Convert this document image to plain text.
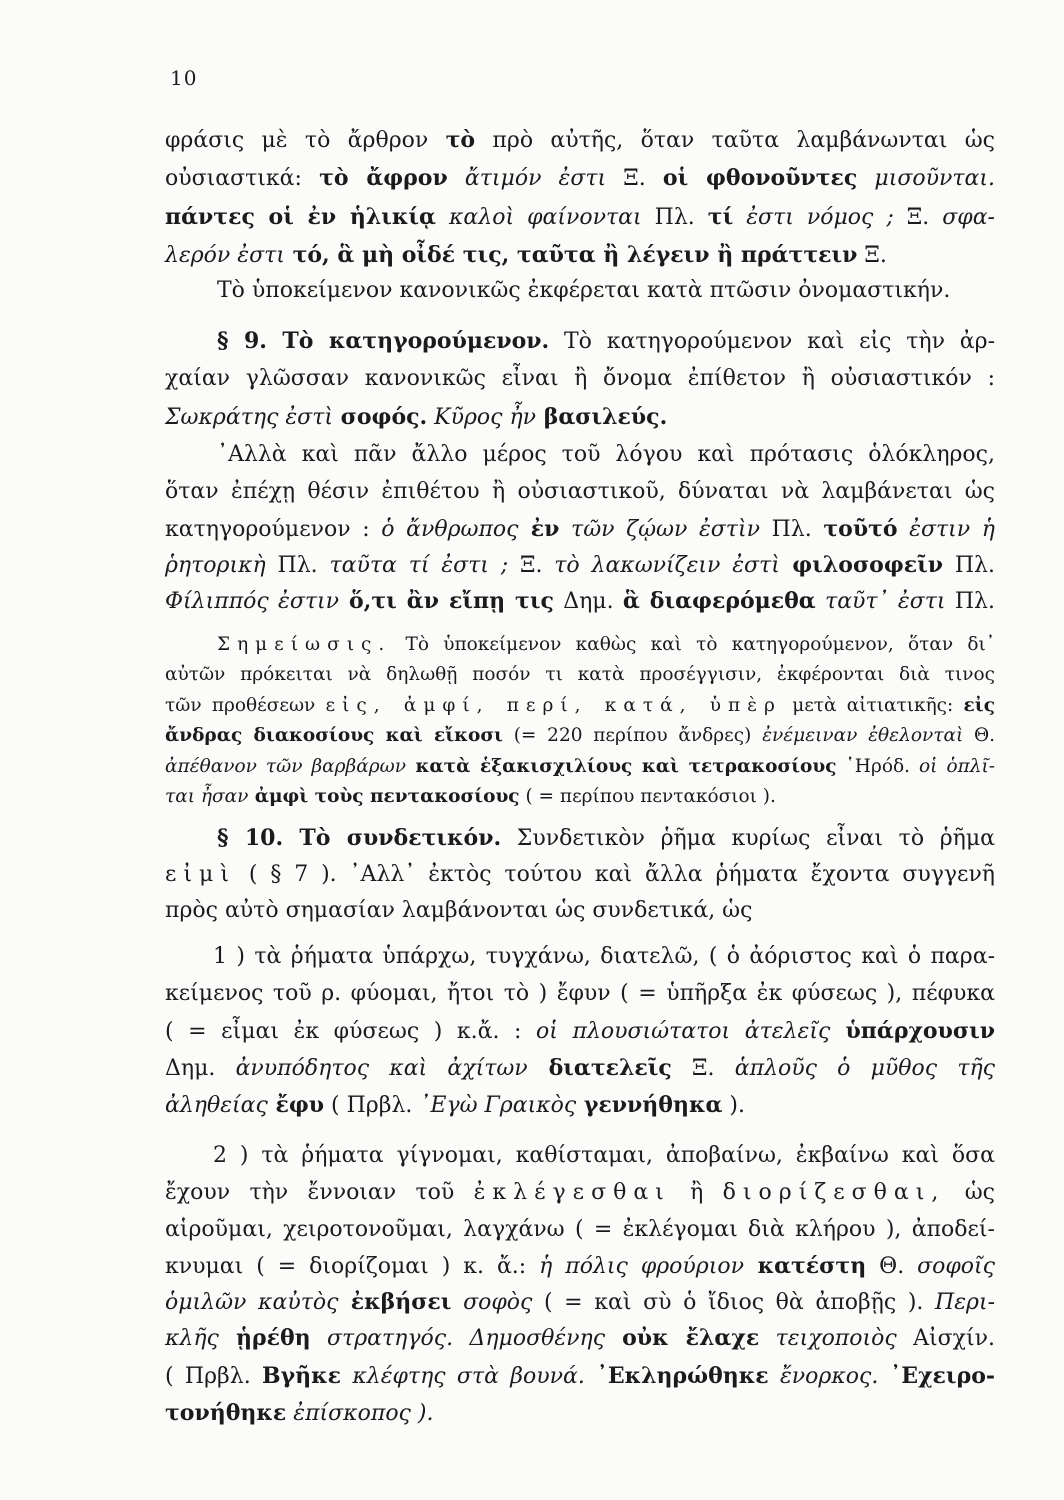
10
φράσις μὲ τὸ ἄρθρον τὸ πρὸ αὐτῆς, ὅταν ταῦτα λαμβάνωνται ὡς
οὐσιαστικά: τὸ ἄφρον ἄτιμόν ἐστι Ξ. οἱ φθονοῦντες μισοῦνται.
πάντες οἱ ἐν ἡλικίᾳ καλοὶ φαίνονται Πλ. τί ἐστι νόμος ; Ξ. σφα-
λερόν ἐστι τό, ἃ μὴ οἶδέ τις, ταῦτα ἢ λέγειν ἢ πράττειν Ξ.
Τὸ ὑποκείμενον κανονικῶς ἐκφέρεται κατὰ πτῶσιν ὀνομαστικήν.
§ 9. Τὸ κατηγορούμενον. Τὸ κατηγορούμενον καὶ εἰς τὴν ἀρ-
χαίαν γλῶσσαν κανονικῶς εἶναι ἢ ὄνομα ἐπίθετον ἢ οὐσιαστικόν :
Σωκράτης ἐστὶ σοφός. Κῦρος ἦν βασιλεύς.
᾿Αλλὰ καὶ πᾶν ἄλλο μέρος τοῦ λόγου καὶ πρότασις ὁλόκληρος,
ὅταν ἐπέχῃ θέσιν ἐπιθέτου ἢ οὐσιαστικοῦ, δύναται νὰ λαμβάνεται ὡς
κατηγορούμενον : ὁ ἄνθρωπος ἐν τῶν ζῴων ἐστὶν Πλ. τοῦτό ἐστιν ἡ
ῥητορικὴ Πλ. ταῦτα τί ἐστι ; Ξ. τὸ λακωνίζειν ἐστὶ φιλοσοφεῖν Πλ.
Φίλιππός ἐστιν ὅ,τι ἂν εἴπῃ τις Δημ. ἃ διαφερόμεθα ταῦτ᾿ ἐστι Πλ.
Σημείωσις. Τὸ ὑποκείμενον καθὼς καὶ τὸ κατηγορούμενον, ὅταν δι᾿
αὐτῶν πρόκειται νὰ δηλωθῇ ποσόν τι κατὰ προσέγγισιν, ἐκφέρονται διὰ τινος
τῶν προθέσεων εἰς, ἀμφί, περί, κατά, ὑπὲρ μετὰ αἰτιατικῆς: εἰς
ἄνδρας διακοσίους καὶ εἴκοσι (= 220 περίπου ἄνδρες) ἐνέμειναν ἐθελονταὶ Θ.
ἀπέθανον τῶν βαρβάρων κατὰ ἑξακισχιλίους καὶ τετρακοσίους ῾Ηρόδ. οἱ ὁπλῖ-
ται ἦσαν ἀμφὶ τοὺς πεντακοσίους ( = περίπου πεντακόσιοι ).
§ 10. Τὸ συνδετικόν. Συνδετικὸν ῥῆμα κυρίως εἶναι τὸ ῥῆμα
εἰμὶ ( § 7 ). ᾿Αλλ᾿ ἐκτὸς τούτου καὶ ἄλλα ῥήματα ἔχοντα συγγενῆ
πρὸς αὐτὸ σημασίαν λαμβάνονται ὡς συνδετικά, ὡς
1 ) τὰ ῥήματα ὑπάρχω, τυγχάνω, διατελῶ, ( ὁ ἀόριστος καὶ ὁ παρα-
κείμενος τοῦ ρ. φύομαι, ἤτοι τὸ ) ἔφυν ( = ὑπῆρξα ἐκ φύσεως ), πέφυκα
( = εἶμαι ἐκ φύσεως ) κ.ἄ. : οἱ πλουσιώτατοι ἀτελεῖς ὑπάρχουσιν
Δημ. ἀνυπόδητος καὶ ἀχίτων διατελεῖς Ξ. ἁπλοῦς ὁ μῦθος τῆς
ἀληθείας ἔφυ ( Πρβλ. ᾿Εγὼ Γραικὸς γεννήθηκα ).
2 ) τὰ ῥήματα γίγνομαι, καθίσταμαι, ἀποβαίνω, ἐκβαίνω καὶ ὅσα
ἔχουν τὴν ἔννοιαν τοῦ ἐκλέγεσθαι ἢ διορίζεσθαι, ὡς
αἱροῦμαι, χειροτονοῦμαι, λαγχάνω ( = ἐκλέγομαι διὰ κλήρου ), ἀποδεί-
κνυμαι ( = διορίζομαι ) κ. ἄ.: ἡ πόλις φρούριον κατέστη Θ. σοφοῖς
ὁμιλῶν καὐτὸς ἐκβήσει σοφὸς ( = καὶ σὺ ὁ ἴδιος θὰ ἀποβῇς ). Περι-
κλῆς ᾑρέθη στρατηγός. Δημοσθένης οὐκ ἔλαχε τειχοποιὸς Αἰσχίν.
( Πρβλ. Βγῆκε κλέφτης στὰ βουνά. ᾿Εκληρώθηκε ἔνορκος. ᾿Εχειρο-
τονήθηκε ἐπίσκοπος ).
